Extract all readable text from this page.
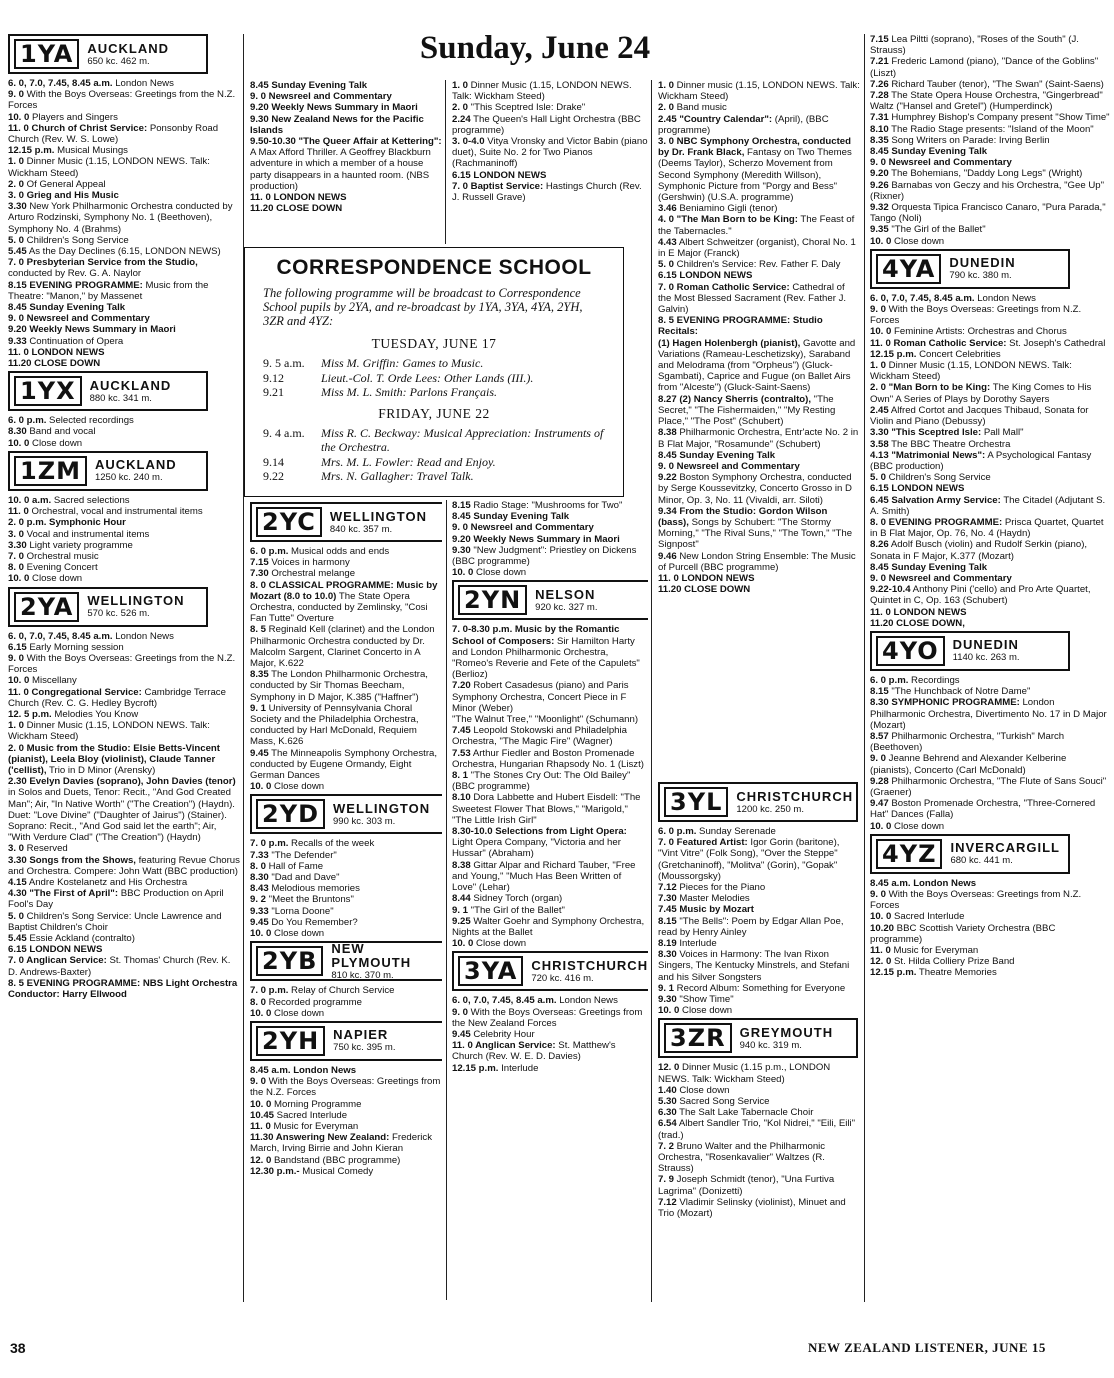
Sunday, June 24
1YA	AUCKLAND
650 kc. 462 m.
6. 0, 7.0, 7.45, 8.45 a.m. London News
9. 0 With the Boys Overseas: Greetings from the N.Z. Forces
10. 0 Players and Singers
11. 0 Church of Christ Service: Ponsonby Road Church (Rev. W. S. Lowe)
12.15 p.m. Musical Musings
1. 0 Dinner Music (1.15, LONDON NEWS. Talk: Wickham Steed)
2. 0 Of General Appeal
3. 0 Grieg and His Music
3.30 New York Philharmonic Orchestra conducted by Arturo Rodzinski, Symphony No. 1 (Beethoven), Symphony No. 4 (Brahms)
5. 0 Children's Song Service
5.45 As the Day Declines (6.15, LONDON NEWS)
7. 0 Presbyterian Service from the Studio, conducted by Rev. G. A. Naylor
8.15 EVENING PROGRAMME: Music from the Theatre: "Manon," by Massenet
8.45 Sunday Evening Talk
9. 0 Newsreel and Commentary
9.20 Weekly News Summary in Maori
9.33 Continuation of Opera
11. 0 LONDON NEWS
11.20 CLOSE DOWN
1YX	AUCKLAND
880 kc. 341 m.
6. 0 p.m. Selected recordings
8.30 Band and vocal
10. 0 Close down
1ZM	AUCKLAND
1250 kc. 240 m.
10. 0 a.m. Sacred selections
11. 0 Orchestral, vocal and instrumental items
2. 0 p.m. Symphonic Hour
3. 0 Vocal and instrumental items
3.30 Light variety programme
7. 0 Orchestral music
8. 0 Evening Concert
10. 0 Close down
2YA	WELLINGTON
570 kc. 526 m.
6. 0, 7.0, 7.45, 8.45 a.m. London News
6.15 Early Morning session
9. 0 With the Boys Overseas: Greetings from the N.Z. Forces
10. 0 Miscellany
11. 0 Congregational Service: Cambridge Terrace Church (Rev. C. G. Hedley Bycroft)
12. 5 p.m. Melodies You Know
1. 0 Dinner Music (1.15, LONDON NEWS. Talk: Wickham Steed)
2. 0 Music from the Studio: Elsie Betts-Vincent (pianist), Leela Bloy (violinist), Claude Tanner ('cellist), Trio in D Minor (Arensky)
2.30 Evelyn Davies (soprano), John Davies (tenor) in Solos and Duets, Tenor: Recit., "And God Created Man"; Air, "In Native Worth" ("The Creation") (Haydn). Duet: "Love Divine" ("Daughter of Jairus") (Stainer). Soprano: Recit., "And God said let the earth"; Air, "With Verdure Clad" ("The Creation") (Haydn)
3. 0 Reserved
3.30 Songs from the Shows, featuring Revue Chorus and Orchestra. Compere: John Watt (BBC production)
4.15 Andre Kostelanetz and His Orchestra
4.30 "The First of April": BBC Production on April Fool's Day
5. 0 Children's Song Service: Uncle Lawrence and Baptist Children's Choir
5.45 Essie Ackland (contralto)
6.15 LONDON NEWS
7. 0 Anglican Service: St. Thomas' Church (Rev. K. D. Andrews-Baxter)
8. 5 EVENING PROGRAMME: NBS Light Orchestra Conductor: Harry Ellwood
8.45 Sunday Evening Talk
9. 0 Newsreel and Commentary
9.20 Weekly News Summary in Maori
9.30 New Zealand News for the Pacific Islands
9.50-10.30 "The Queer Affair at Kettering": A Max Afford Thriller. A Geoffrey Blackburn adventure in which a member of a house party disappears in a haunted room. (NBS production)
11. 0 LONDON NEWS
11.20 CLOSE DOWN
1. 0 Dinner Music (1.15, LONDON NEWS. Talk: Wickham Steed)
2. 0 "This Sceptred Isle: Drake"
2.24 The Queen's Hall Light Orchestra (BBC programme)
3. 0-4.0 Vitya Vronsky and Victor Babin (piano duet), Suite No. 2 for Two Pianos (Rachmaninoff)
6.15 LONDON NEWS
7. 0 Baptist Service: Hastings Church (Rev. J. Russell Grave)
1. 0 Dinner music (1.15, LONDON NEWS. Talk: Wickham Steed)
2. 0 Band music
2.45 "Country Calendar": (April), (BBC programme)
3. 0 NBC Symphony Orchestra, conducted by Dr. Frank Black, Fantasy on Two Themes (Deems Taylor), Scherzo Movement from Second Symphony (Meredith Willson), Symphonic Picture from "Porgy and Bess" (Gershwin) (U.S.A. programme)
3.46 Beniamino Gigli (tenor)
4. 0 "The Man Born to be King: The Feast of the Tabernacles."
4.43 Albert Schweitzer (organist), Choral No. 1 in E Major (Franck)
5. 0 Children's Service: Rev. Father F. Daly
6.15 LONDON NEWS
7. 0 Roman Catholic Service: Cathedral of the Most Blessed Sacrament (Rev. Father J. Galvin)
8. 5 EVENING PROGRAMME: Studio Recitals:
(1) Hagen Holenbergh (pianist), Gavotte and Variations (Rameau-Leschetizsky), Saraband and Melodrama (from "Orpheus") (Gluck-Sgambati), Caprice and Fugue (on Ballet Airs from "Alceste") (Gluck-Saint-Saens)
8.27 (2) Nancy Sherris (contralto), "The Secret," "The Fishermaiden," "My Resting Place," "The Post" (Schubert)
8.38 Philharmonic Orchestra, Entr'acte No. 2 in B Flat Major, "Rosamunde" (Schubert)
8.45 Sunday Evening Talk
9. 0 Newsreel and Commentary
9.22 Boston Symphony Orchestra, conducted by Serge Koussevitzky, Concerto Grosso in D Minor, Op. 3, No. 11 (Vivaldi, arr. Siloti)
9.34 From the Studio: Gordon Wilson (bass), Songs by Schubert: "The Stormy Morning," "The Rival Suns," "The Town," "The Signpost"
9.46 New London String Ensemble: The Music of Purcell (BBC programme)
11. 0 LONDON NEWS
11.20 CLOSE DOWN
7.15 Lea Piltti (soprano), "Roses of the South" (J. Strauss)
7.21 Frederic Lamond (piano), "Dance of the Goblins" (Liszt)
7.26 Richard Tauber (tenor), "The Swan" (Saint-Saens)
7.28 The State Opera House Orchestra, "Gingerbread" Waltz ("Hansel and Gretel") (Humperdinck)
7.31 Humphrey Bishop's Company present "Show Time"
8.10 The Radio Stage presents: "Island of the Moon"
8.35 Song Writers on Parade: Irving Berlin
8.45 Sunday Evening Talk
9. 0 Newsreel and Commentary
9.20 The Bohemians, "Daddy Long Legs" (Wright)
9.26 Barnabas von Geczy and his Orchestra, "Gee Up" (Rixner)
9.32 Orquesta Tipica Francisco Canaro, "Pura Parada," Tango (Noli)
9.35 "The Girl of the Ballet"
10. 0 Close down
4YA	DUNEDIN
790 kc. 380 m.
6. 0, 7.0, 7.45, 8.45 a.m. London News
9. 0 With the Boys Overseas: Greetings from N.Z. Forces
10. 0 Feminine Artists: Orchestras and Chorus
11. 0 Roman Catholic Service: St. Joseph's Cathedral
12.15 p.m. Concert Celebrities
1. 0 Dinner Music (1.15, LONDON NEWS. Talk: Wickham Steed)
2. 0 "Man Born to be King: The King Comes to His Own" A Series of Plays by Dorothy Sayers
2.45 Alfred Cortot and Jacques Thibaud, Sonata for Violin and Piano (Debussy)
3.30 "This Sceptred Isle: Pall Mall"
3.58 The BBC Theatre Orchestra
4.13 "Matrimonial News": A Psychological Fantasy (BBC production)
5. 0 Children's Song Service
6.15 LONDON NEWS
6.45 Salvation Army Service: The Citadel (Adjutant S. A. Smith)
8. 0 EVENING PROGRAMME: Prisca Quartet, Quartet in B Flat Major, Op. 76, No. 4 (Haydn)
8.26 Adolf Busch (violin) and Rudolf Serkin (piano), Sonata in F Major, K.377 (Mozart)
8.45 Sunday Evening Talk
9. 0 Newsreel and Commentary
9.22-10.4 Anthony Pini ('cello) and Pro Arte Quartet, Quintet in C, Op. 163 (Schubert)
11. 0 LONDON NEWS
11.20 CLOSE DOWN,
4YO	DUNEDIN
1140 kc. 263 m.
6. 0 p.m. Recordings
8.15 "The Hunchback of Notre Dame"
8.30 SYMPHONIC PROGRAMME: London Philharmonic Orchestra, Divertimento No. 17 in D Major (Mozart)
8.57 Philharmonic Orchestra, "Turkish" March (Beethoven)
9. 0 Jeanne Behrend and Alexander Kelberine (pianists), Concerto (Carl McDonald)
9.28 Philharmonic Orchestra, "The Flute of Sans Souci" (Graener)
9.47 Boston Promenade Orchestra, "Three-Cornered Hat" Dances (Falla)
10. 0 Close down
4YZ	INVERCARGILL
680 kc. 441 m.
8.45 a.m. London News
9. 0 With the Boys Overseas: Greetings from N.Z. Forces
10. 0 Sacred Interlude
10.20 BBC Scottish Variety Orchestra (BBC programme)
11. 0 Music for Everyman
12. 0 St. Hilda Colliery Prize Band
12.15 p.m. Theatre Memories
2YC	WELLINGTON
840 kc. 357 m.
6. 0 p.m. Musical odds and ends
7.15 Voices in harmony
7.30 Orchestral melange
8. 0 CLASSICAL PROGRAMME: Music by Mozart (8.0 to 10.0) The State Opera Orchestra, conducted by Zemlinsky, "Cosi Fan Tutte" Overture
8. 5 Reginald Kell (clarinet) and the London Philharmonic Orchestra conducted by Dr. Malcolm Sargent, Clarinet Concerto in A Major, K.622
8.35 The London Philharmonic Orchestra, conducted by Sir Thomas Beecham, Symphony in D Major, K.385 ("Haffner")
9. 1 University of Pennsylvania Choral Society and the Philadelphia Orchestra, conducted by Harl McDonald, Requiem Mass, K.626
9.45 The Minneapolis Symphony Orchestra, conducted by Eugene Ormandy, Eight German Dances
10. 0 Close down
2YD	WELLINGTON
990 kc. 303 m.
7. 0 p.m. Recalls of the week
7.33 "The Defender"
8. 0 Hall of Fame
8.30 "Dad and Dave"
8.43 Melodious memories
9. 2 "Meet the Bruntons"
9.33 "Lorna Doone"
9.45 Do You Remember?
10. 0 Close down
2YB	NEW PLYMOUTH
810 kc. 370 m.
7. 0 p.m. Relay of Church Service
8. 0 Recorded programme
10. 0 Close down
2YH	NAPIER
750 kc. 395 m.
8.45 a.m. London News
9. 0 With the Boys Overseas: Greetings from the N.Z. Forces
10. 0 Morning Programme
10.45 Sacred Interlude
11. 0 Music for Everyman
11.30 Answering New Zealand: Frederick March, Irving Birrie and John Kieran
12. 0 Bandstand (BBC programme)
12.30 p.m.- Musical Comedy
8.15 Radio Stage: "Mushrooms for Two"
8.45 Sunday Evening Talk
9. 0 Newsreel and Commentary
9.20 Weekly News Summary in Maori
9.30 "New Judgment": Priestley on Dickens (BBC programme)
10. 0 Close down
2YN	NELSON
920 kc. 327 m.
7. 0-8.30 p.m. Music by the Romantic School of Composers: Sir Hamilton Harty and London Philharmonic Orchestra, "Romeo's Reverie and Fete of the Capulets" (Berlioz)
7.20 Robert Casadesus (piano) and Paris Symphony Orchestra, Concert Piece in F Minor (Weber)
"The Walnut Tree," "Moonlight" (Schumann)
7.45 Leopold Stokowski and Philadelphia Orchestra, "The Magic Fire" (Wagner)
7.53 Arthur Fiedler and Boston Promenade Orchestra, Hungarian Rhapsody No. 1 (Liszt)
8. 1 "The Stones Cry Out: The Old Bailey" (BBC programme)
8.10 Dora Labbette and Hubert Eisdell: "The Sweetest Flower That Blows," "Marigold," "The Little Irish Girl"
8.30-10.0 Selections from Light Opera: Light Opera Company, "Victoria and her Hussar" (Abraham)
8.38 Gittar Alpar and Richard Tauber, "Free and Young," "Much Has Been Written of Love" (Lehar)
8.44 Sidney Torch (organ)
9. 1 "The Girl of the Ballet"
9.25 Walter Goehr and Symphony Orchestra, Nights at the Ballet
10. 0 Close down
3YA	CHRISTCHURCH
720 kc. 416 m.
6. 0, 7.0, 7.45, 8.45 a.m. London News
9. 0 With the Boys Overseas: Greetings from the New Zealand Forces
9.45 Celebrity Hour
11. 0 Anglican Service: St. Matthew's Church (Rev. W. E. D. Davies)
12.15 p.m. Interlude
3YL	CHRISTCHURCH
1200 kc. 250 m.
6. 0 p.m. Sunday Serenade
7. 0 Featured Artist: Igor Gorin (baritone), "Vint Vitre" (Folk Song), "Over the Steppe" (Gretchaninoff), "Molitva" (Gorin), "Gopak" (Moussorgsky)
7.12 Pieces for the Piano
7.30 Master Melodies
7.45 Music by Mozart
8.15 "The Bells": Poem by Edgar Allan Poe, read by Henry Ainley
8.19 Interlude
8.30 Voices in Harmony: The Ivan Rixon Singers, The Kentucky Minstrels, and Stefani and his Silver Songsters
9. 1 Record Album: Something for Everyone
9.30 "Show Time"
10. 0 Close down
3ZR	GREYMOUTH
940 kc. 319 m.
12. 0 Dinner Music (1.15 p.m., LONDON NEWS. Talk: Wickham Steed)
1.40 Close down
5.30 Sacred Song Service
6.30 The Salt Lake Tabernacle Choir
6.54 Albert Sandler Trio, "Kol Nidrei," "Eili, Eili" (trad.)
7. 2 Bruno Walter and the Philharmonic Orchestra, "Rosenkavalier" Waltzes (R. Strauss)
7. 9 Joseph Schmidt (tenor), "Una Furtiva Lagrima" (Donizetti)
7.12 Vladimir Selinsky (violinist), Minuet and Trio (Mozart)
CORRESPONDENCE SCHOOL
The following programme will be broadcast to Correspondence School pupils by 2YA, and re-broadcast by 1YA, 3YA, 4YA, 2YH, 3ZR and 4YZ:
TUESDAY, JUNE 17
9. 5 a.m.	Miss M. Griffin: Games to Music.
9.12	Lieut.-Col. T. Orde Lees: Other Lands (III.).
9.21	Miss M. L. Smith: Parlons Français.
FRIDAY, JUNE 22
9. 4 a.m.	Miss R. C. Beckway: Musical Appreciation: Instruments of the Orchestra.
9.14	Mrs. M. L. Fowler: Read and Enjoy.
9.22	Mrs. N. Gallagher: Travel Talk.
38	NEW ZEALAND LISTENER, JUNE 15
